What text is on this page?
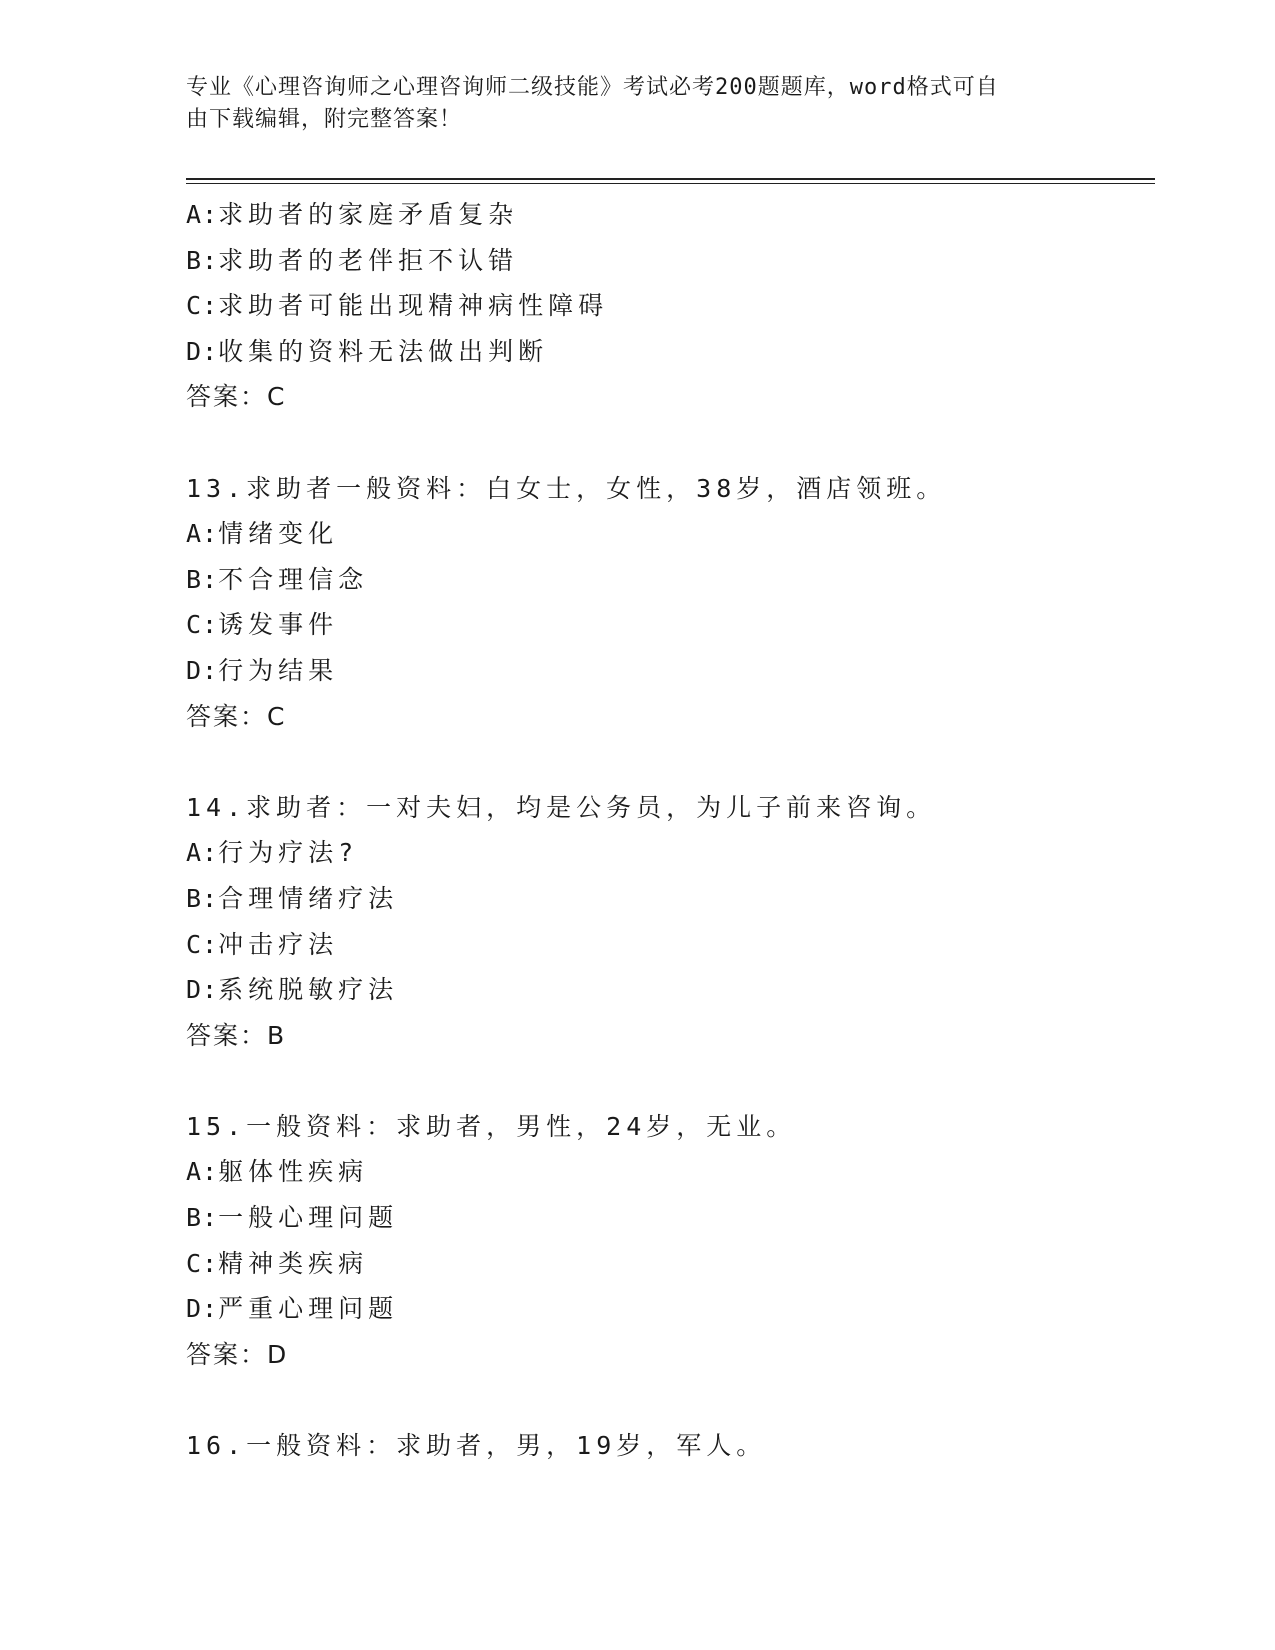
专业《心理咨询师之心理咨询师二级技能》考试必考200题题库，word格式可自

由下载编辑，附完整答案！

A:求助者的家庭矛盾复杂
B:求助者的老伴拒不认错
C:求助者可能出现精神病性障碍
D:收集的资料无法做出判断
答案：C
13.求助者一般资料：白女士，女性，38岁，酒店领班。
A:情绪变化
B:不合理信念
C:诱发事件
D:行为结果
答案：C
14.求助者：一对夫妇，均是公务员，为儿子前来咨询。
A:行为疗法?
B:合理情绪疗法
C:冲击疗法
D:系统脱敏疗法
答案：B
15.一般资料：求助者，男性，24岁，无业。
A:躯体性疾病
B:一般心理问题
C:精神类疾病
D:严重心理问题
答案：D
16.一般资料：求助者，男，19岁，军人。
